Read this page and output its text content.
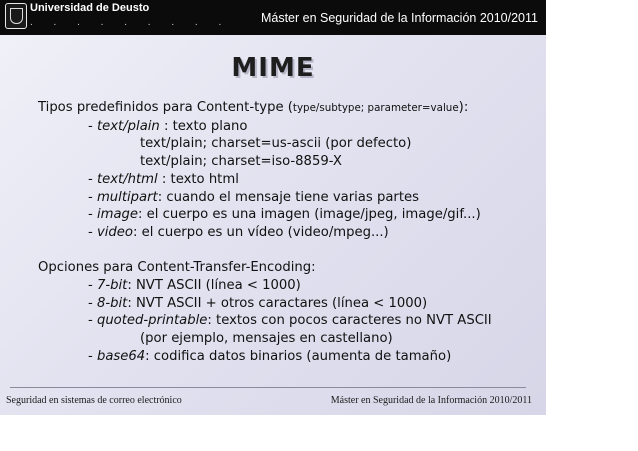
Universidad de Deusto
. . . . . . . . . Máster en Seguridad de la Información 2010/2011
MIME
Tipos predefinidos para Content-type (type/subtype; parameter=value):
- text/plain : texto plano
text/plain; charset=us-ascii (por defecto)
text/plain; charset=iso-8859-X
- text/html : texto html
- multipart: cuando el mensaje tiene varias partes
- image: el cuerpo es una imagen (image/jpeg, image/gif...)
- video: el cuerpo es un vídeo (video/mpeg...)
Opciones para Content-Transfer-Encoding:
- 7-bit: NVT ASCII (línea < 1000)
- 8-bit: NVT ASCII + otros caractares (línea < 1000)
- quoted-printable: textos con pocos caracteres no NVT ASCII
(por ejemplo, mensajes en castellano)
- base64: codifica datos binarios (aumenta de tamaño)
Seguridad en sistemas de correo electrónico	Máster en Seguridad de la Información 2010/2011
